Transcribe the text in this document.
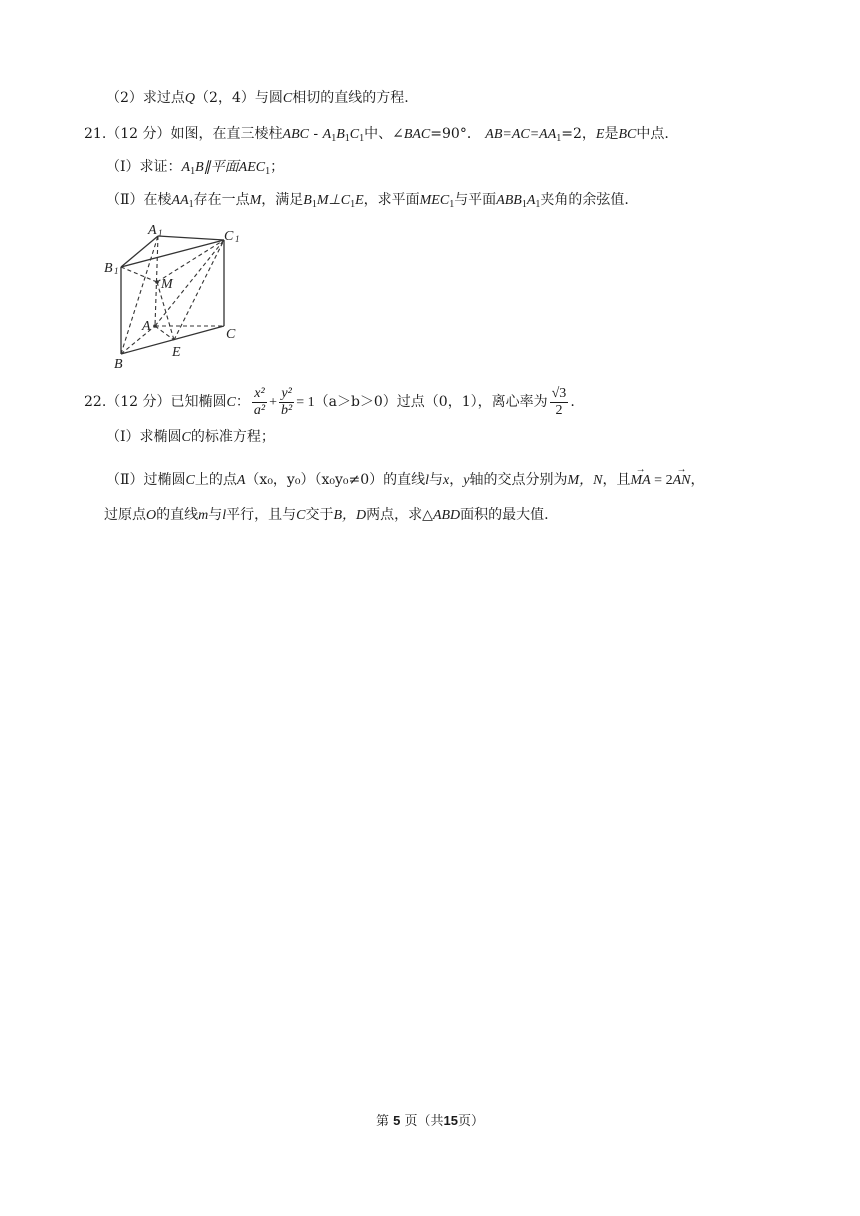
（2）求过点Q（2，4）与圆C相切的直线的方程.
21.（12 分）如图，在直三棱柱ABC - $A_1B_1C_1$中、∠BAC=90°． $AB=AC=AA_1=2$，E是BC中点.
（Ⅰ）求证：$A_1B\parallel$平面$AEC_1$；
（Ⅱ）在棱$AA_1$存在一点M，满足$B_1M\perp C_1E$，求平面$MEC_1$与平面$ABB_1A_1$夹角的余弦值.
A 1	C 1
B 1
M
A
C
B
E
22.（12 分）已知椭圆C： $\frac{\text{x²}}{\text{a²}} + \frac{\text{y²}}{\text{b²}} = 1(a>b>0)$过点（0，1），离心率为 $\frac{√3}{2}$ .
（Ⅰ）求椭圆C的标准方程；
（Ⅱ）过椭圆C上的点A（x₀，y₀）（x₀y₀≠0）的直线l与x，y轴的交点分别为M，N，且→ MA = 2→ AN，
过原点O的直线m与l平行，且与C交于B，D两点，求△ABD面积的最大值.
第 5 页（共15页）
